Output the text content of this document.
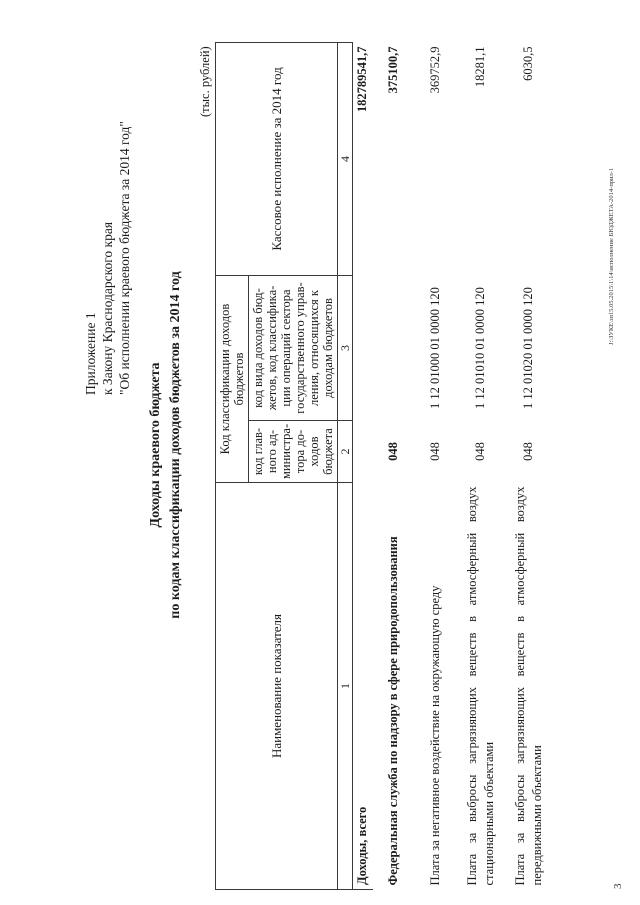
Приложение 1 к Закону Краснодарского края "Об исполнении краевого бюджета за 2014 год"
Доходы краевого бюджета по кодам классификации доходов бюджетов за 2014 год
(тыс. рублей)
Наименование показателя	Код классификации доходов бюджетов		Кассовое исполнение за 2014 год
	код глав- ного ад- министра- тора до- ходов бюджета	код вида доходов бюд- жетов, код классифика- ции операций сектора государственного управ- ления, относящихся к доходам бюджетов	
1	2	3	4
Доходы, всего			182789541,7
Федеральная служба по надзору в сфере природопользования	048		375100,7
Плата за негативное воздействие на окружающую среду	048	1 12 01000 01 0000 120	369752,9
Плата за выбросы загрязняющих веществ в атмосферный воздух стационарными объектами	048	1 12 01010 01 0000 120	18281,1
Плата за выбросы загрязняющих веществ в атмосферный воздух передвижными объектами	048	1 12 01020 01 0000 120	6030,5
J:\ЗУКЕ\зп15.05.2015\1\14\исполнение БЮДЖЕТА-2014-прил-1
3
